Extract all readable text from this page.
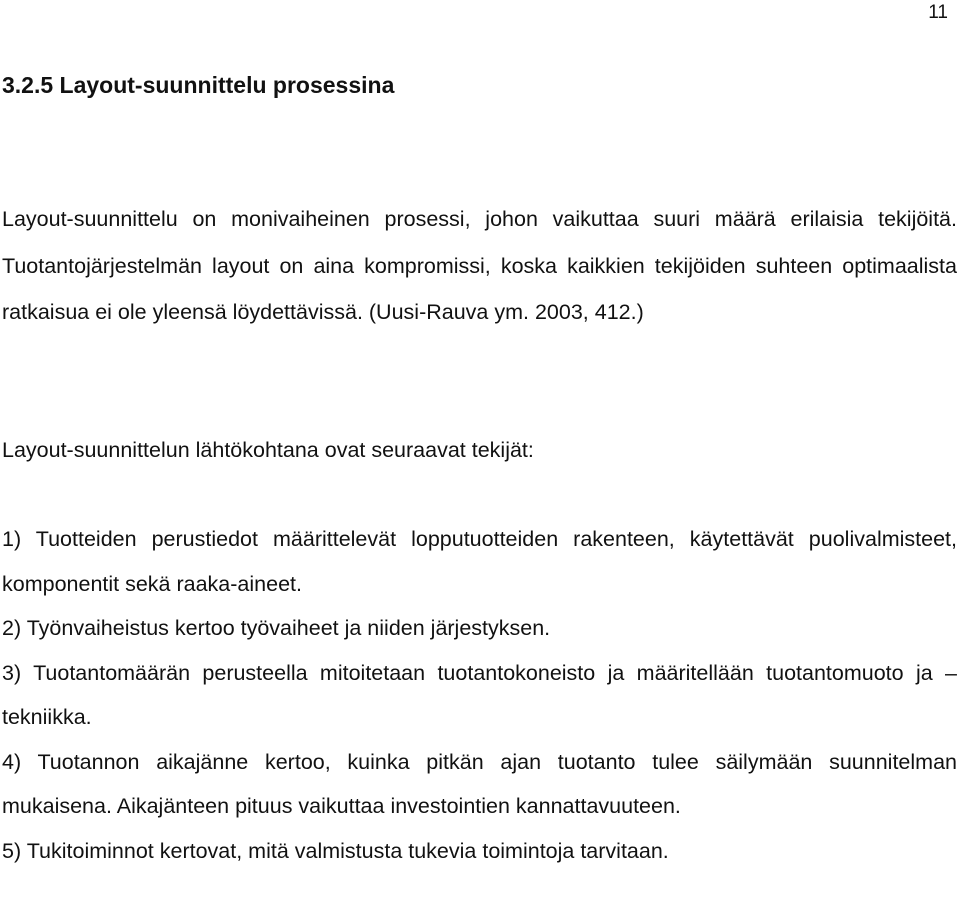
11
3.2.5 Layout-suunnittelu prosessina

Layout-suunnittelu on monivaiheinen prosessi, johon vaikuttaa suuri määrä erilaisia tekijöitä. Tuotantojärjestelmän layout on aina kompromissi, koska kaikkien tekijöiden suhteen optimaalista ratkaisua ei ole yleensä löydettävissä. (Uusi-Rauva ym. 2003, 412.)

Layout-suunnittelun lähtökohtana ovat seuraavat tekijät:

1) Tuotteiden perustiedot määrittelevät lopputuotteiden rakenteen, käytettävät puolivalmisteet, komponentit sekä raaka-aineet.
2) Työnvaiheistus kertoo työvaiheet ja niiden järjestyksen.
3) Tuotantomäärän perusteella mitoitetaan tuotantokoneisto ja määritellään tuotantomuoto ja –tekniikka.
4) Tuotannon aikajänne kertoo, kuinka pitkän ajan tuotanto tulee säilymään suunnitelman mukaisena. Aikajänteen pituus vaikuttaa investointien kannattavuuteen.
5) Tukitoiminnot kertovat, mitä valmistusta tukevia toimintoja tarvitaan.
